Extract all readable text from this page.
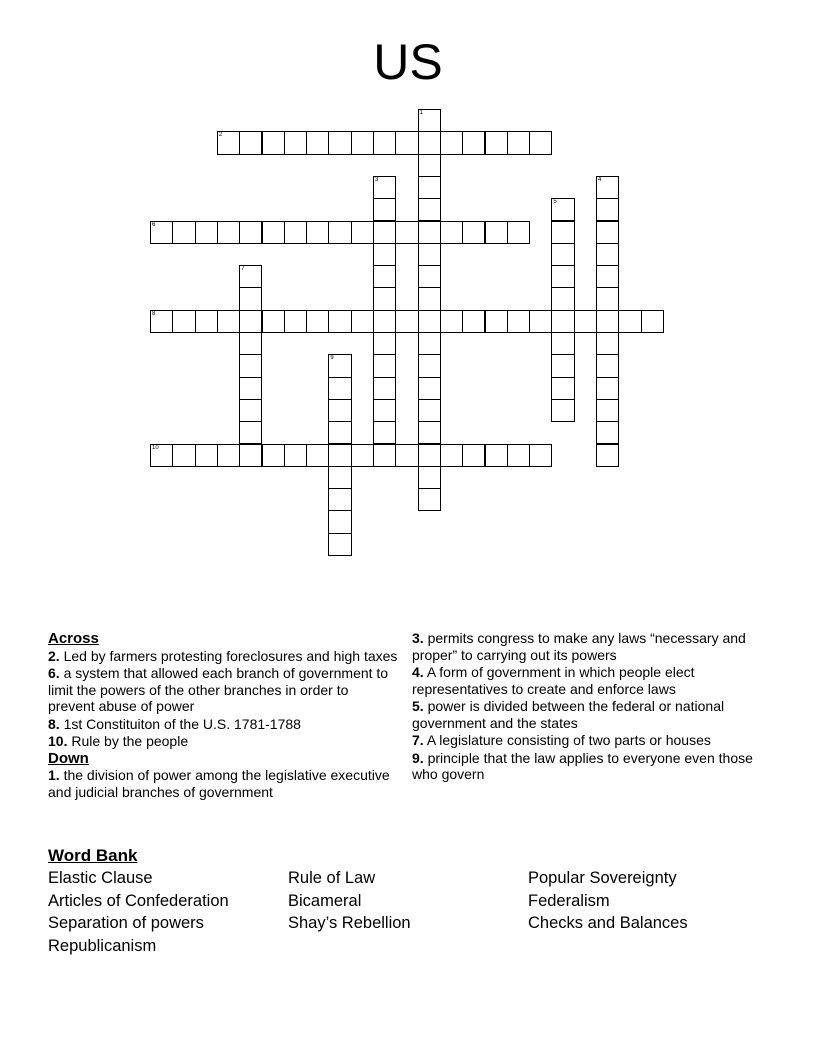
US
1
2
3	4
5
6
7
8
9
10
Across
2. Led by farmers protesting foreclosures and high taxes
6. a system that allowed each branch of government to limit the powers of the other branches in order to prevent abuse of power
8. 1st Constituiton of the U.S. 1781-1788
10. Rule by the people
Down
1. the division of power among the legislative executive and judicial branches of government
3. permits congress to make any laws “necessary and proper” to carrying out its powers
4. A form of government in which people elect representatives to create and enforce laws
5. power is divided between the federal or national government and the states
7. A legislature consisting of two parts or houses
9. principle that the law applies to everyone even those who govern
Word Bank
Elastic Clause	Rule of Law	Popular Sovereignty
Articles of Confederation	Bicameral	Federalism
Separation of powers	Shay’s Rebellion	Checks and Balances
Republicanism
